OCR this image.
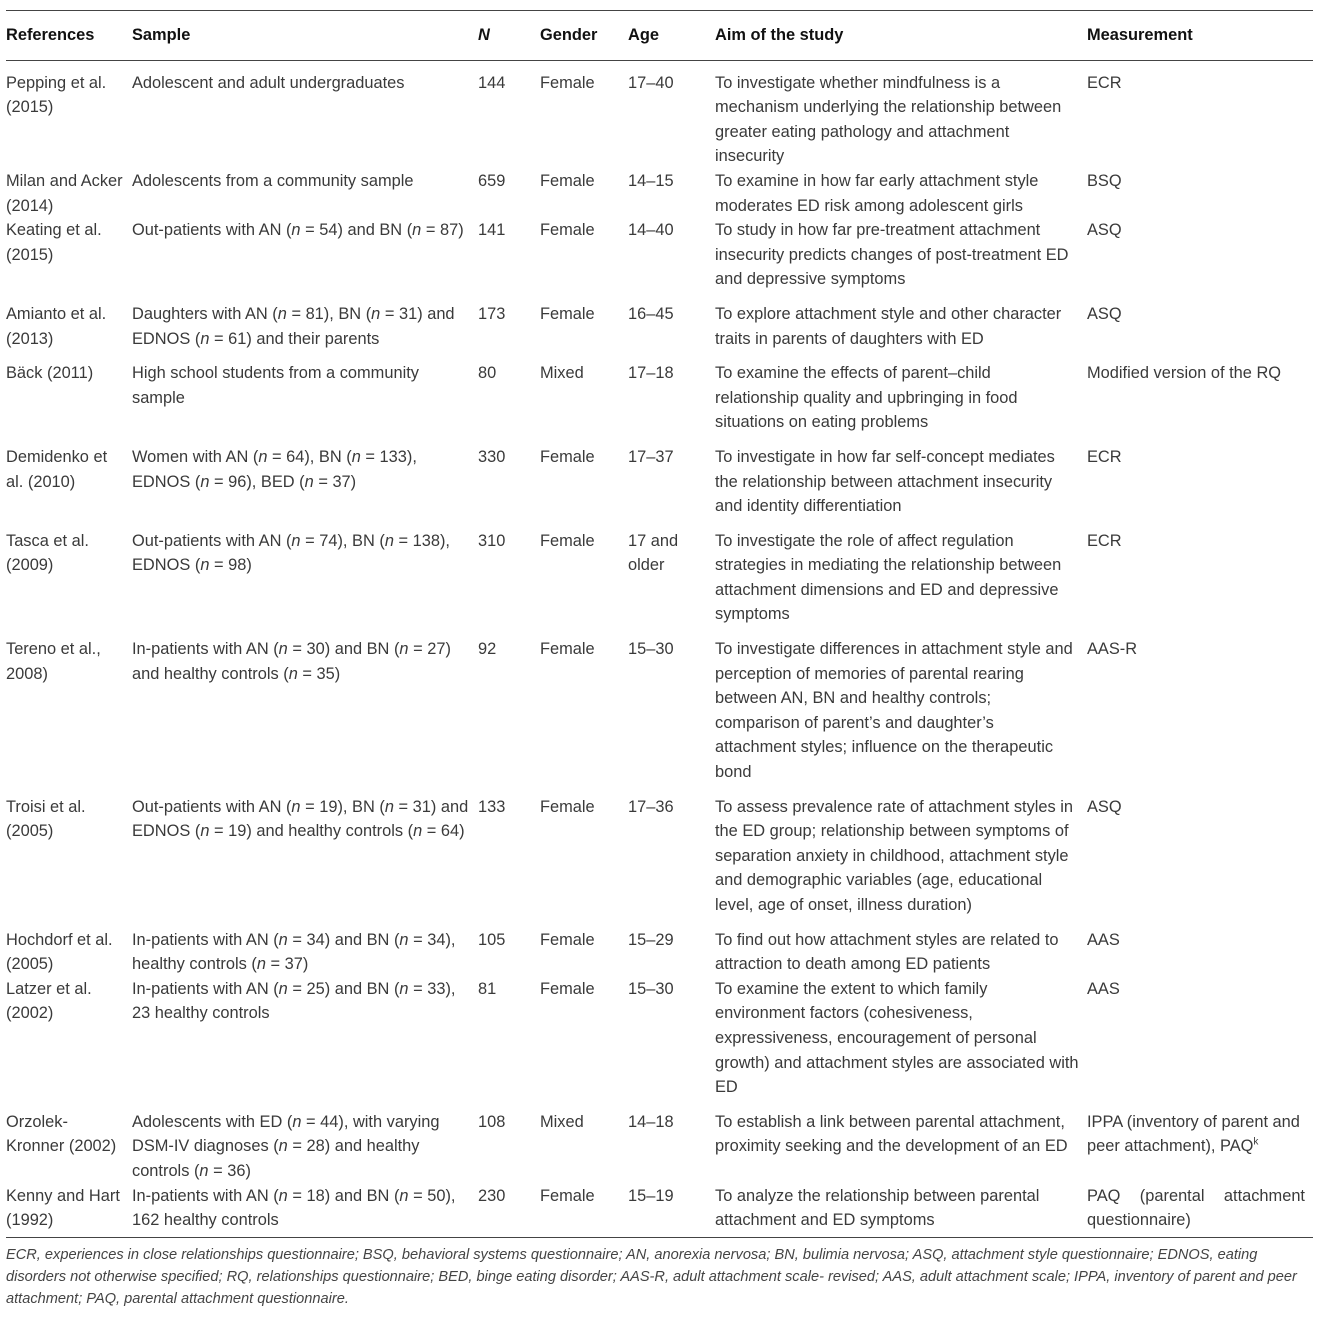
References	Sample	N	Gender	Age	Aim of the study	Measurement
Pepping et al. (2015)	Adolescent and adult undergraduates	144	Female	17–40	To investigate whether mindfulness is a mechanism underlying the relationship between greater eating pathology and attachment insecurity	ECR
Milan and Acker (2014)	Adolescents from a community sample	659	Female	14–15	To examine in how far early attachment style moderates ED risk among adolescent girls	BSQ
Keating et al. (2015)	Out-patients with AN (n = 54) and BN (n = 87)	141	Female	14–40	To study in how far pre-treatment attachment insecurity predicts changes of post-treatment ED and depressive symptoms	ASQ
Amianto et al. (2013)	Daughters with AN (n = 81), BN (n = 31) and EDNOS (n = 61) and their parents	173	Female	16–45	To explore attachment style and other character traits in parents of daughters with ED	ASQ
Bäck (2011)	High school students from a community sample	80	Mixed	17–18	To examine the effects of parent–child relationship quality and upbringing in food situations on eating problems	Modified version of the RQ
Demidenko et al. (2010)	Women with AN (n = 64), BN (n = 133), EDNOS (n = 96), BED (n = 37)	330	Female	17–37	To investigate in how far self-concept mediates the relationship between attachment insecurity and identity differentiation	ECR
Tasca et al. (2009)	Out-patients with AN (n = 74), BN (n = 138), EDNOS (n = 98)	310	Female	17 and older	To investigate the role of affect regulation strategies in mediating the relationship between attachment dimensions and ED and depressive symptoms	ECR
Tereno et al., 2008)	In-patients with AN (n = 30) and BN (n = 27) and healthy controls (n = 35)	92	Female	15–30	To investigate differences in attachment style and perception of memories of parental rearing between AN, BN and healthy controls; comparison of parent’s and daughter’s attachment styles; influence on the therapeutic bond	AAS-R
Troisi et al. (2005)	Out-patients with AN (n = 19), BN (n = 31) and EDNOS (n = 19) and healthy controls (n = 64)	133	Female	17–36	To assess prevalence rate of attachment styles in the ED group; relationship between symptoms of separation anxiety in childhood, attachment style and demographic variables (age, educational level, age of onset, illness duration)	ASQ
Hochdorf et al. (2005)	In-patients with AN (n = 34) and BN (n = 34), healthy controls (n = 37)	105	Female	15–29	To find out how attachment styles are related to attraction to death among ED patients	AAS
Latzer et al. (2002)	In-patients with AN (n = 25) and BN (n = 33), 23 healthy controls	81	Female	15–30	To examine the extent to which family environment factors (cohesiveness, expressiveness, encouragement of personal growth) and attachment styles are associated with ED	AAS
Orzolek-Kronner (2002)	Adolescents with ED (n = 44), with varying DSM-IV diagnoses (n = 28) and healthy controls (n = 36)	108	Mixed	14–18	To establish a link between parental attachment, proximity seeking and the development of an ED	IPPA (inventory of parent and peer attachment), PAQ$^k$
Kenny and Hart (1992)	In-patients with AN (n = 18) and BN (n = 50), 162 healthy controls	230	Female	15–19	To analyze the relationship between parental attachment and ED symptoms	PAQ (parental attachment questionnaire)
ECR, experiences in close relationships questionnaire; BSQ, behavioral systems questionnaire; AN, anorexia nervosa; BN, bulimia nervosa; ASQ, attachment style questionnaire; EDNOS, eating disorders not otherwise specified; RQ, relationships questionnaire; BED, binge eating disorder; AAS-R, adult attachment scale- revised; AAS, adult attachment scale; IPPA, inventory of parent and peer attachment; PAQ, parental attachment questionnaire.
